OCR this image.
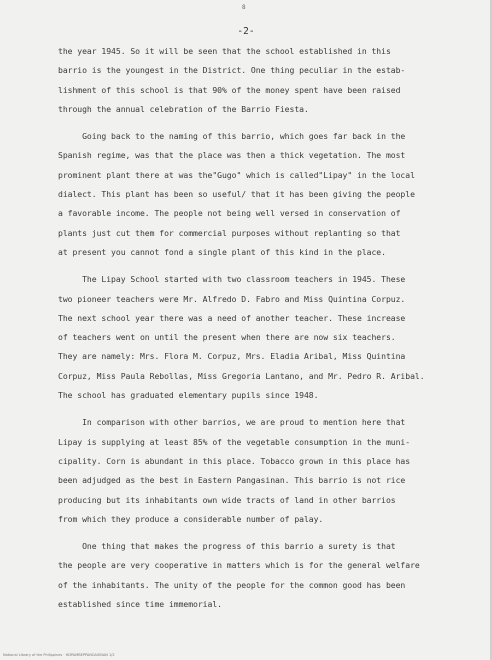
8
-2-
the year 1945. So it will be seen that the school established in this
barrio is the youngest in the District. One thing peculiar in the estab-
lishment of this school is that 90% of the money spent have been raised
through the annual celebration of the Barrio Fiesta.
Going back to the naming of this barrio, which goes far back in the
Spanish regime, was that the place was then a thick vegetation. The most
prominent plant there at was the"Gugo" which is called"Lipay" in the local
dialect. This plant has been so useful/ that it has been giving the people
a favorable income. The people not being well versed in conservation of
plants just cut them for commercial purposes without replanting so that
at present you cannot fond a single plant of this kind in the place.
The Lipay School started with two classroom teachers in 1945. These
two pioneer teachers were Mr. Alfredo D. Fabro and Miss Quintina Corpuz.
The next school year there was a need of another teacher. These increase
of teachers went on until the present when there are now six teachers.
They are namely: Mrs. Flora M. Corpuz, Mrs. Eladia Aribal, Miss Quintina
Corpuz, Miss Paula Rebollas, Miss Gregoria Lantano, and Mr. Pedro R. Aribal.
The school has graduated elementary pupils since 1948.
In comparison with other barrios, we are proud to mention here that
Lipay is supplying at least 85% of the vegetable consumption in the muni-
cipality. Corn is abundant in this place. Tobacco grown in this place has
been adjudged as the best in Eastern Pangasinan. This barrio is not rice
producing but its inhabitants own wide tracts of land in other barrios
from which they produce a considerable number of palay.
One thing that makes the progress of this barrio a surety is that
the people are very cooperative in matters which is for the general welfare
of the inhabitants. The unity of the people for the common good has been
established since time immemorial.
National Library of the Philippines · HDPAMBEPPANGASINAN 1/2
